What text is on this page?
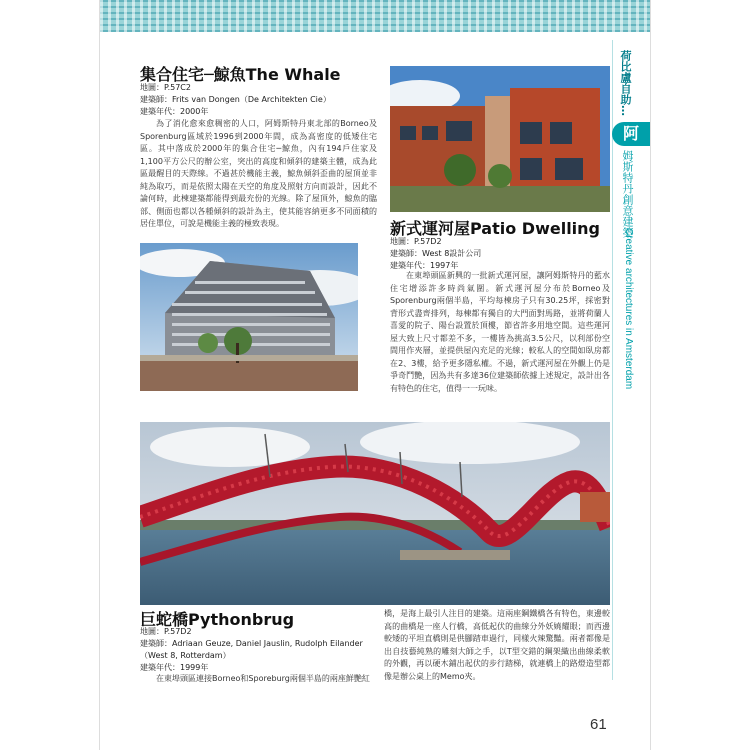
荷比盧自助…
阿
姆斯特丹創意建築
Creative architectures in Amsterdam
集合住宅─鯨魚The Whale
地圖：P.57C2
建築師：Frits van Dongen（De Architekten Cie）
建築年代：2000年
為了消化愈來愈稠密的人口，阿姆斯特丹東北部的Borneo及Sporenburg區域於1996到2000年間，成為高密度的低矮住宅區。其中落成於2000年的集合住宅─鯨魚，內有194戶住家及1,100平方公尺的辦公室，突出的高度和傾斜的建築主體，成為此區最醒目的天際線。不過甚於機能主義，鯨魚傾斜歪曲的屋頂並非純為取巧，而是依照太陽在天空的角度及照射方向而設計，因此不論何時，此棟建築都能得到最充份的光線。除了屋頂外，鯨魚的臨部、側面也都以各種傾斜的設計為主，使其能容納更多不同面積的居住單位，可說是機能主義的極致表現。	新式運河屋Patio Dwelling
地圖：P.57D2
建築師：West 8設計公司
建築年代：1997年
在東埠頭區新興的一批新式運河屋，讓阿姆斯特丹的藍水住宅增添許多時尚氣圍。新式運河屋分布於Borneo及Sporenburg兩個半島，平均每棟房子只有30.25坪，採密對背形式盡齊排列，每棟都有獨自的大門面對馬路，並將荷蘭人喜愛的院子、陽台設置於頂樓，節省許多用地空間。這些運河屋大致上尺寸都差不多，一樓皆為挑高3.5公尺，以利部份空間用作夾層，並提供屋內充足的光線；較私人的空間如臥房都在2、3樓，給予更多隱私權。不過，新式運河屋在外觀上仍是爭奇鬥艷，因為共有多達36位建築師依據上述規定，設計出各有特色的住宅，值得一一玩味。
巨蛇橋Pythonbrug
地圖：P.57D2
建築師：Adriaan Geuze, Daniel Jauslin, Rudolph Eilander（West 8, Rotterdam）
建築年代：1999年
在東埠頭區連接Borneo和Sporeburg兩個半島的兩座鮮艷紅
橋，是海上最引人注目的建築。這兩座鋼鐵橋各有特色，東邊較高的曲橋是一座人行橋，高低起伏的曲線分外妖嬈耀眼；而西邊較矮的平坦直橋則是供腳踏車過行，同樣火辣驚豔。兩者都像是出自技藝純熟的雕刻大師之手，以T型交錯的鋼架織出曲線柔軟的外觀，再以硬木鋪出起伏的步行踏梯，就連橋上的路燈造型都像是辦公桌上的Memo夾。
61
